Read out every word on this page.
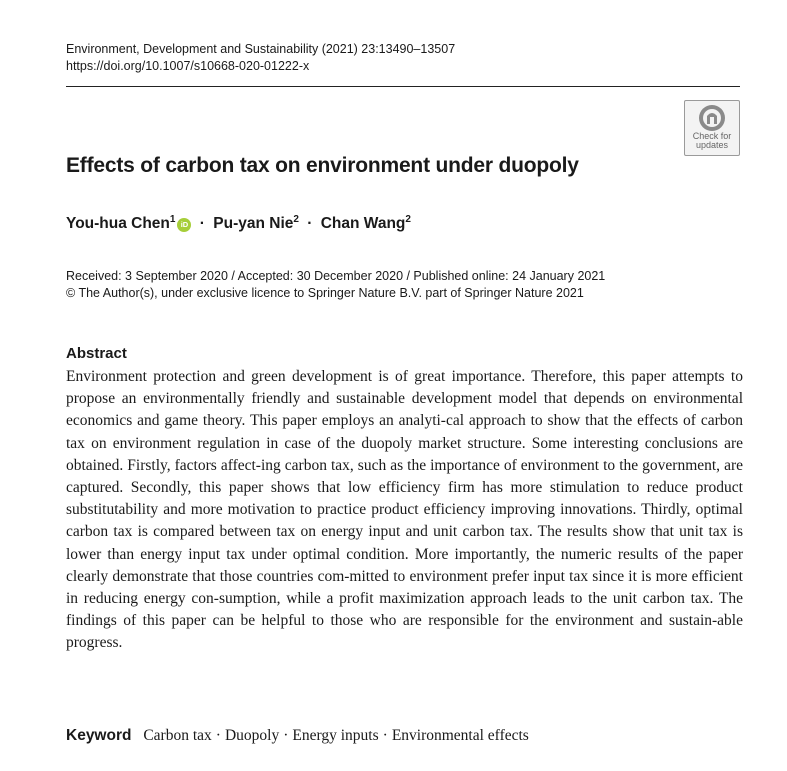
Environment, Development and Sustainability (2021) 23:13490–13507
https://doi.org/10.1007/s10668-020-01222-x
Check for
updates
Effects of carbon tax on environment under duopoly
You-hua Chen$^1$ iD · Pu-yan Nie$^2$ · Chan Wang$^2$
Received: 3 September 2020 / Accepted: 30 December 2020 / Published online: 24 January 2021
© The Author(s), under exclusive licence to Springer Nature B.V. part of Springer Nature 2021
Abstract

Environment protection and green development is of great importance. Therefore, this paper attempts to propose an environmentally friendly and sustainable development model that depends on environmental economics and game theory. This paper employs an analyti-cal approach to show that the effects of carbon tax on environment regulation in case of the duopoly market structure. Some interesting conclusions are obtained. Firstly, factors affect-ing carbon tax, such as the importance of environment to the government, are captured. Secondly, this paper shows that low efficiency firm has more stimulation to reduce product substitutability and more motivation to practice product efficiency improving innovations. Thirdly, optimal carbon tax is compared between tax on energy input and unit carbon tax. The results show that unit tax is lower than energy input tax under optimal condition. More importantly, the numeric results of the paper clearly demonstrate that those countries com-mitted to environment prefer input tax since it is more efficient in reducing energy con-sumption, while a profit maximization approach leads to the unit carbon tax. The findings of this paper can be helpful to those who are responsible for the environment and sustain-able progress.

Keyword Carbon tax · Duopoly · Energy inputs · Environmental effects
